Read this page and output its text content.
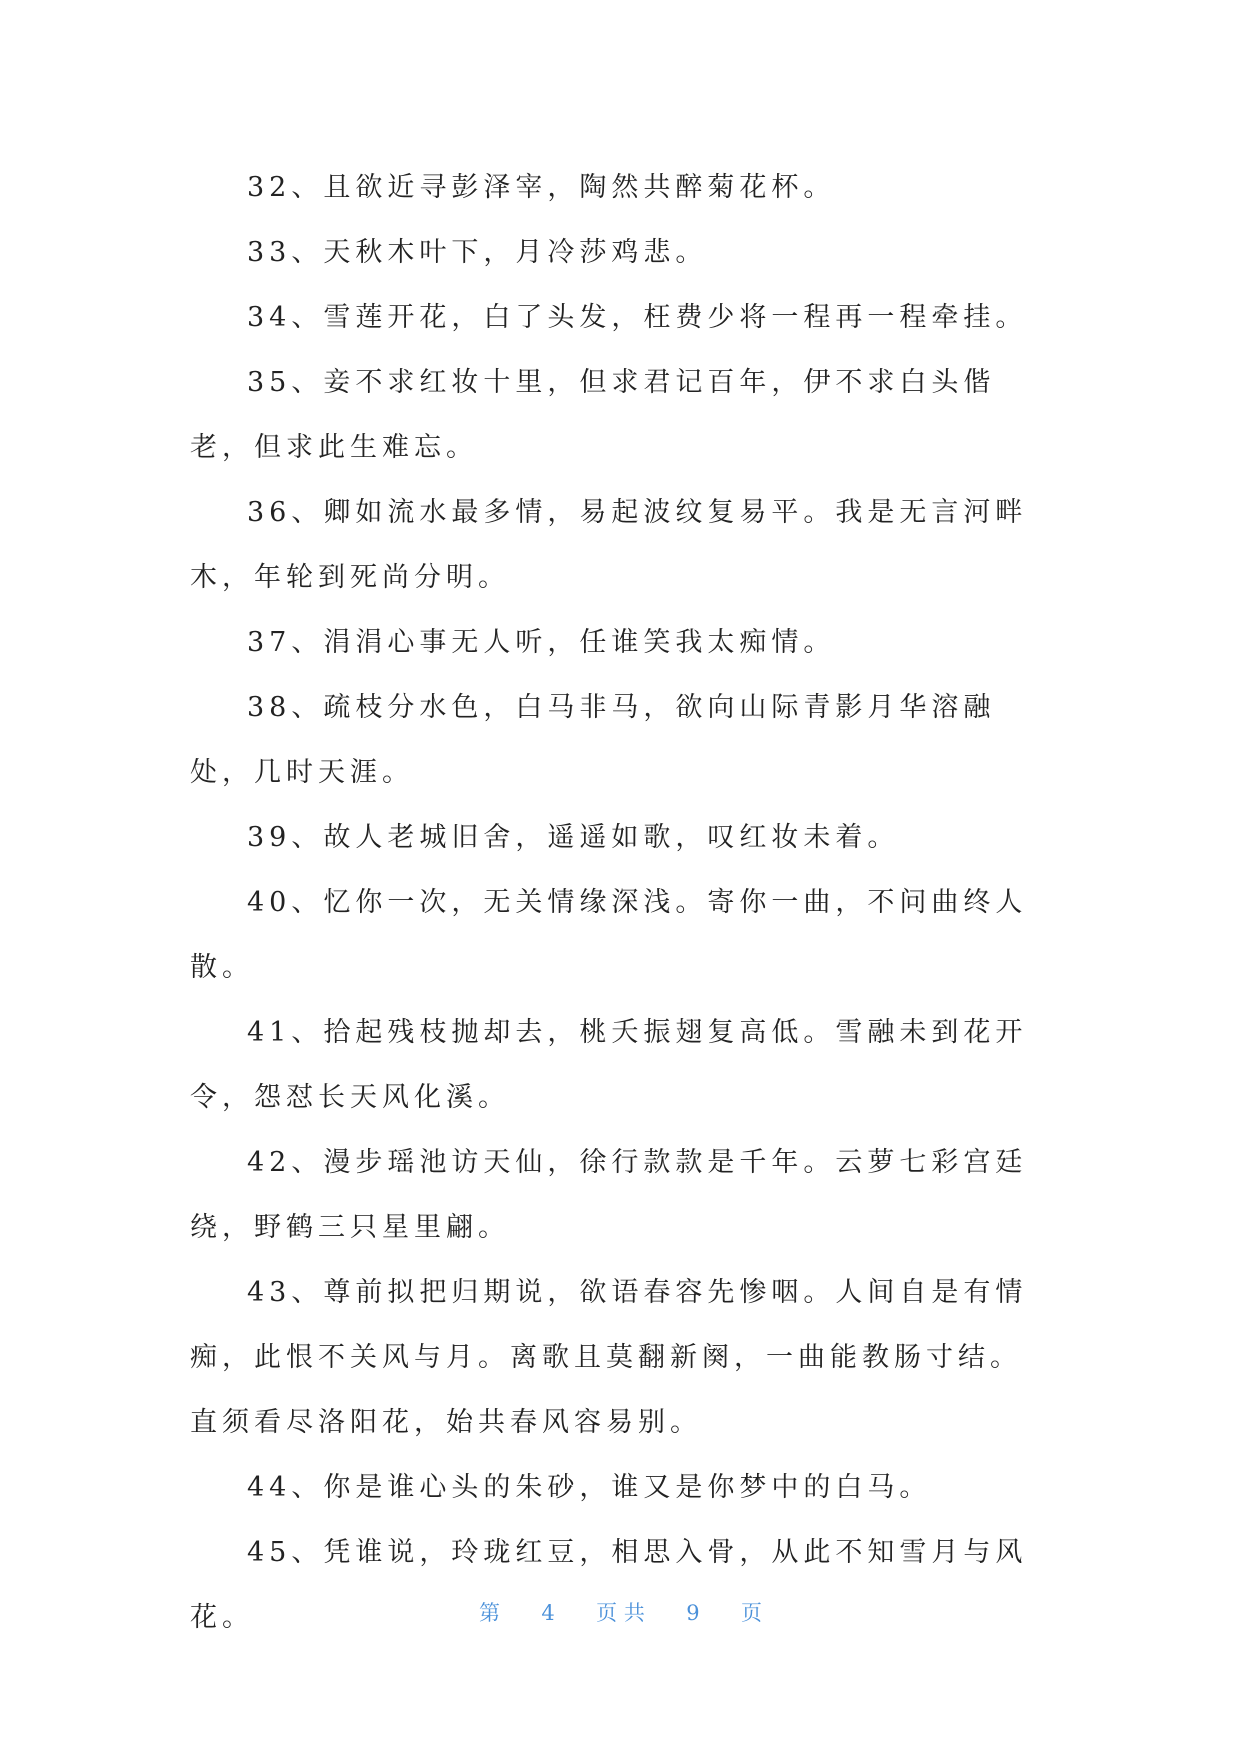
32、且欲近寻彭泽宰，陶然共醉菊花杯。

33、天秋木叶下，月冷莎鸡悲。

34、雪莲开花，白了头发，枉费少将一程再一程牵挂。

35、妾不求红妆十里，但求君记百年，伊不求白头偕老，但求此生难忘。

36、卿如流水最多情，易起波纹复易平。我是无言河畔木，年轮到死尚分明。

37、涓涓心事无人听，任谁笑我太痴情。

38、疏枝分水色，白马非马，欲向山际青影月华溶融处，几时天涯。

39、故人老城旧舍，遥遥如歌，叹红妆未着。

40、忆你一次，无关情缘深浅。寄你一曲，不问曲终人散。

41、拾起残枝抛却去，桃夭振翅复高低。雪融未到花开令，怨怼长天风化溪。

42、漫步瑶池访天仙，徐行款款是千年。云萝七彩宫廷绕，野鹤三只星里翩。

43、尊前拟把归期说，欲语春容先惨咽。人间自是有情痴，此恨不关风与月。离歌且莫翻新阕，一曲能教肠寸结。直须看尽洛阳花，始共春风容易别。

44、你是谁心头的朱砂，谁又是你梦中的白马。

45、凭谁说，玲珑红豆，相思入骨，从此不知雪月与风花。	第 4 页 共 9 页
